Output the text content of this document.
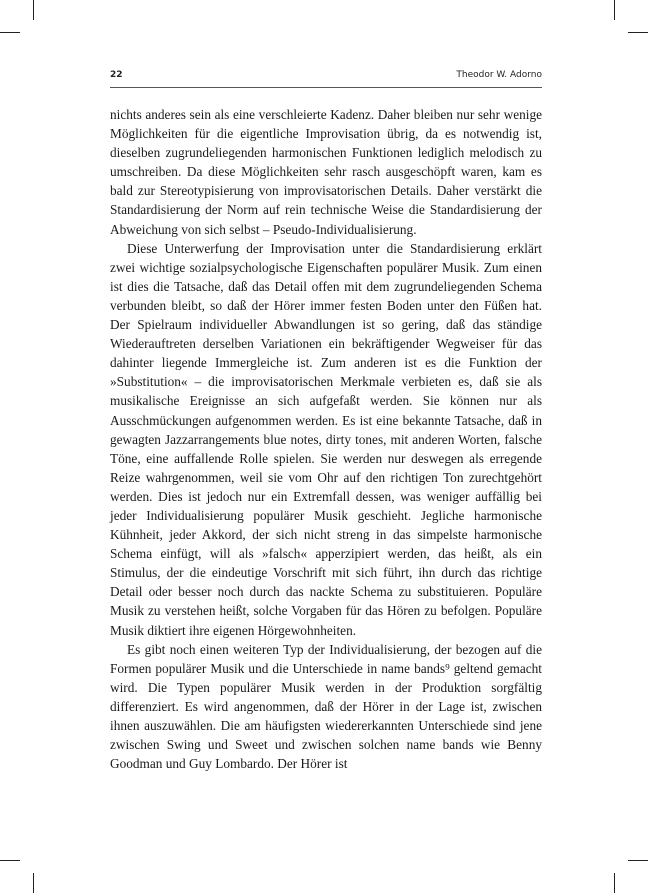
22	Theodor W. Adorno

nichts anderes sein als eine verschleierte Kadenz. Daher bleiben nur sehr wenige Möglichkeiten für die eigentliche Improvisation übrig, da es notwendig ist, dieselben zugrundeliegenden harmonischen Funktionen lediglich melodisch zu umschreiben. Da diese Möglichkeiten sehr rasch ausgeschöpft waren, kam es bald zur Stereotypisierung von improvisatorischen Details. Daher verstärkt die Standardisierung der Norm auf rein technische Weise die Standardisierung der Abweichung von sich selbst – Pseudo-Individualisierung.

Diese Unterwerfung der Improvisation unter die Standardisierung erklärt zwei wichtige sozialpsychologische Eigenschaften populärer Musik. Zum einen ist dies die Tatsache, daß das Detail offen mit dem zugrundeliegenden Schema verbunden bleibt, so daß der Hörer immer festen Boden unter den Füßen hat. Der Spielraum individueller Abwandlungen ist so gering, daß das ständige Wiederauftreten derselben Variationen ein bekräftigender Wegweiser für das dahinter liegende Immergleiche ist. Zum anderen ist es die Funktion der »Substitution« – die improvisatorischen Merkmale verbieten es, daß sie als musikalische Ereignisse an sich aufgefaßt werden. Sie können nur als Ausschmückungen aufgenommen werden. Es ist eine bekannte Tatsache, daß in gewagten Jazzarrangements blue notes, dirty tones, mit anderen Worten, falsche Töne, eine auffallende Rolle spielen. Sie werden nur deswegen als erregende Reize wahrgenommen, weil sie vom Ohr auf den richtigen Ton zurechtgehört werden. Dies ist jedoch nur ein Extremfall dessen, was weniger auffällig bei jeder Individualisierung populärer Musik geschieht. Jegliche harmonische Kühnheit, jeder Akkord, der sich nicht streng in das simpelste harmonische Schema einfügt, will als »falsch« apperzipiert werden, das heißt, als ein Stimulus, der die eindeutige Vorschrift mit sich führt, ihn durch das richtige Detail oder besser noch durch das nackte Schema zu substituieren. Populäre Musik zu verstehen heißt, solche Vorgaben für das Hören zu befolgen. Populäre Musik diktiert ihre eigenen Hörgewohnheiten.

Es gibt noch einen weiteren Typ der Individualisierung, der bezogen auf die Formen populärer Musik und die Unterschiede in name bands⁹ geltend gemacht wird. Die Typen populärer Musik werden in der Produktion sorgfältig differenziert. Es wird angenommen, daß der Hörer in der Lage ist, zwischen ihnen auszuwählen. Die am häufigsten wiedererkannten Unterschiede sind jene zwischen Swing und Sweet und zwischen solchen name bands wie Benny Goodman und Guy Lombardo. Der Hörer ist
